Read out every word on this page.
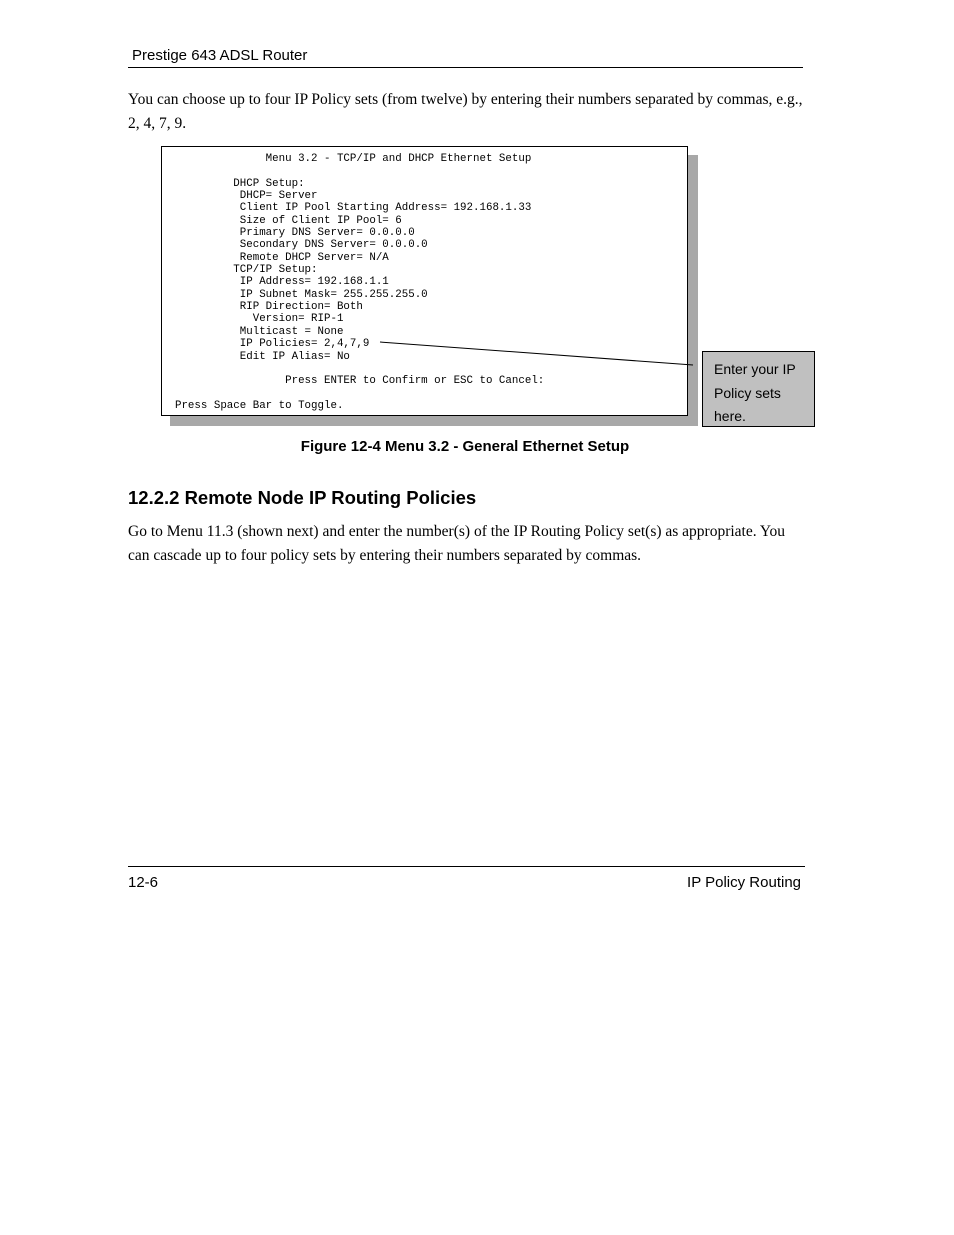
Prestige 643 ADSL Router
You can choose up to four IP Policy sets (from twelve) by entering their numbers separated by commas, e.g., 2, 4, 7, 9.
Menu 3.2 - TCP/IP and DHCP Ethernet Setup

DHCP Setup:
DHCP= Server
Client IP Pool Starting Address= 192.168.1.33
Size of Client IP Pool= 6
Primary DNS Server= 0.0.0.0
Secondary DNS Server= 0.0.0.0
Remote DHCP Server= N/A
TCP/IP Setup:
IP Address= 192.168.1.1
IP Subnet Mask= 255.255.255.0
RIP Direction= Both
Version= RIP-1
Multicast = None
IP Policies= 2,4,7,9
Edit IP Alias= No

Press ENTER to Confirm or ESC to Cancel:

Press Space Bar to Toggle.

Enter your IP Policy sets here.
Figure 12-4 Menu 3.2 - General Ethernet Setup
12.2.2 Remote Node IP Routing Policies
Go to Menu 11.3 (shown next) and enter the number(s) of the IP Routing Policy set(s) as appropriate. You can cascade up to four policy sets by entering their numbers separated by commas.
12-6	IP Policy Routing
